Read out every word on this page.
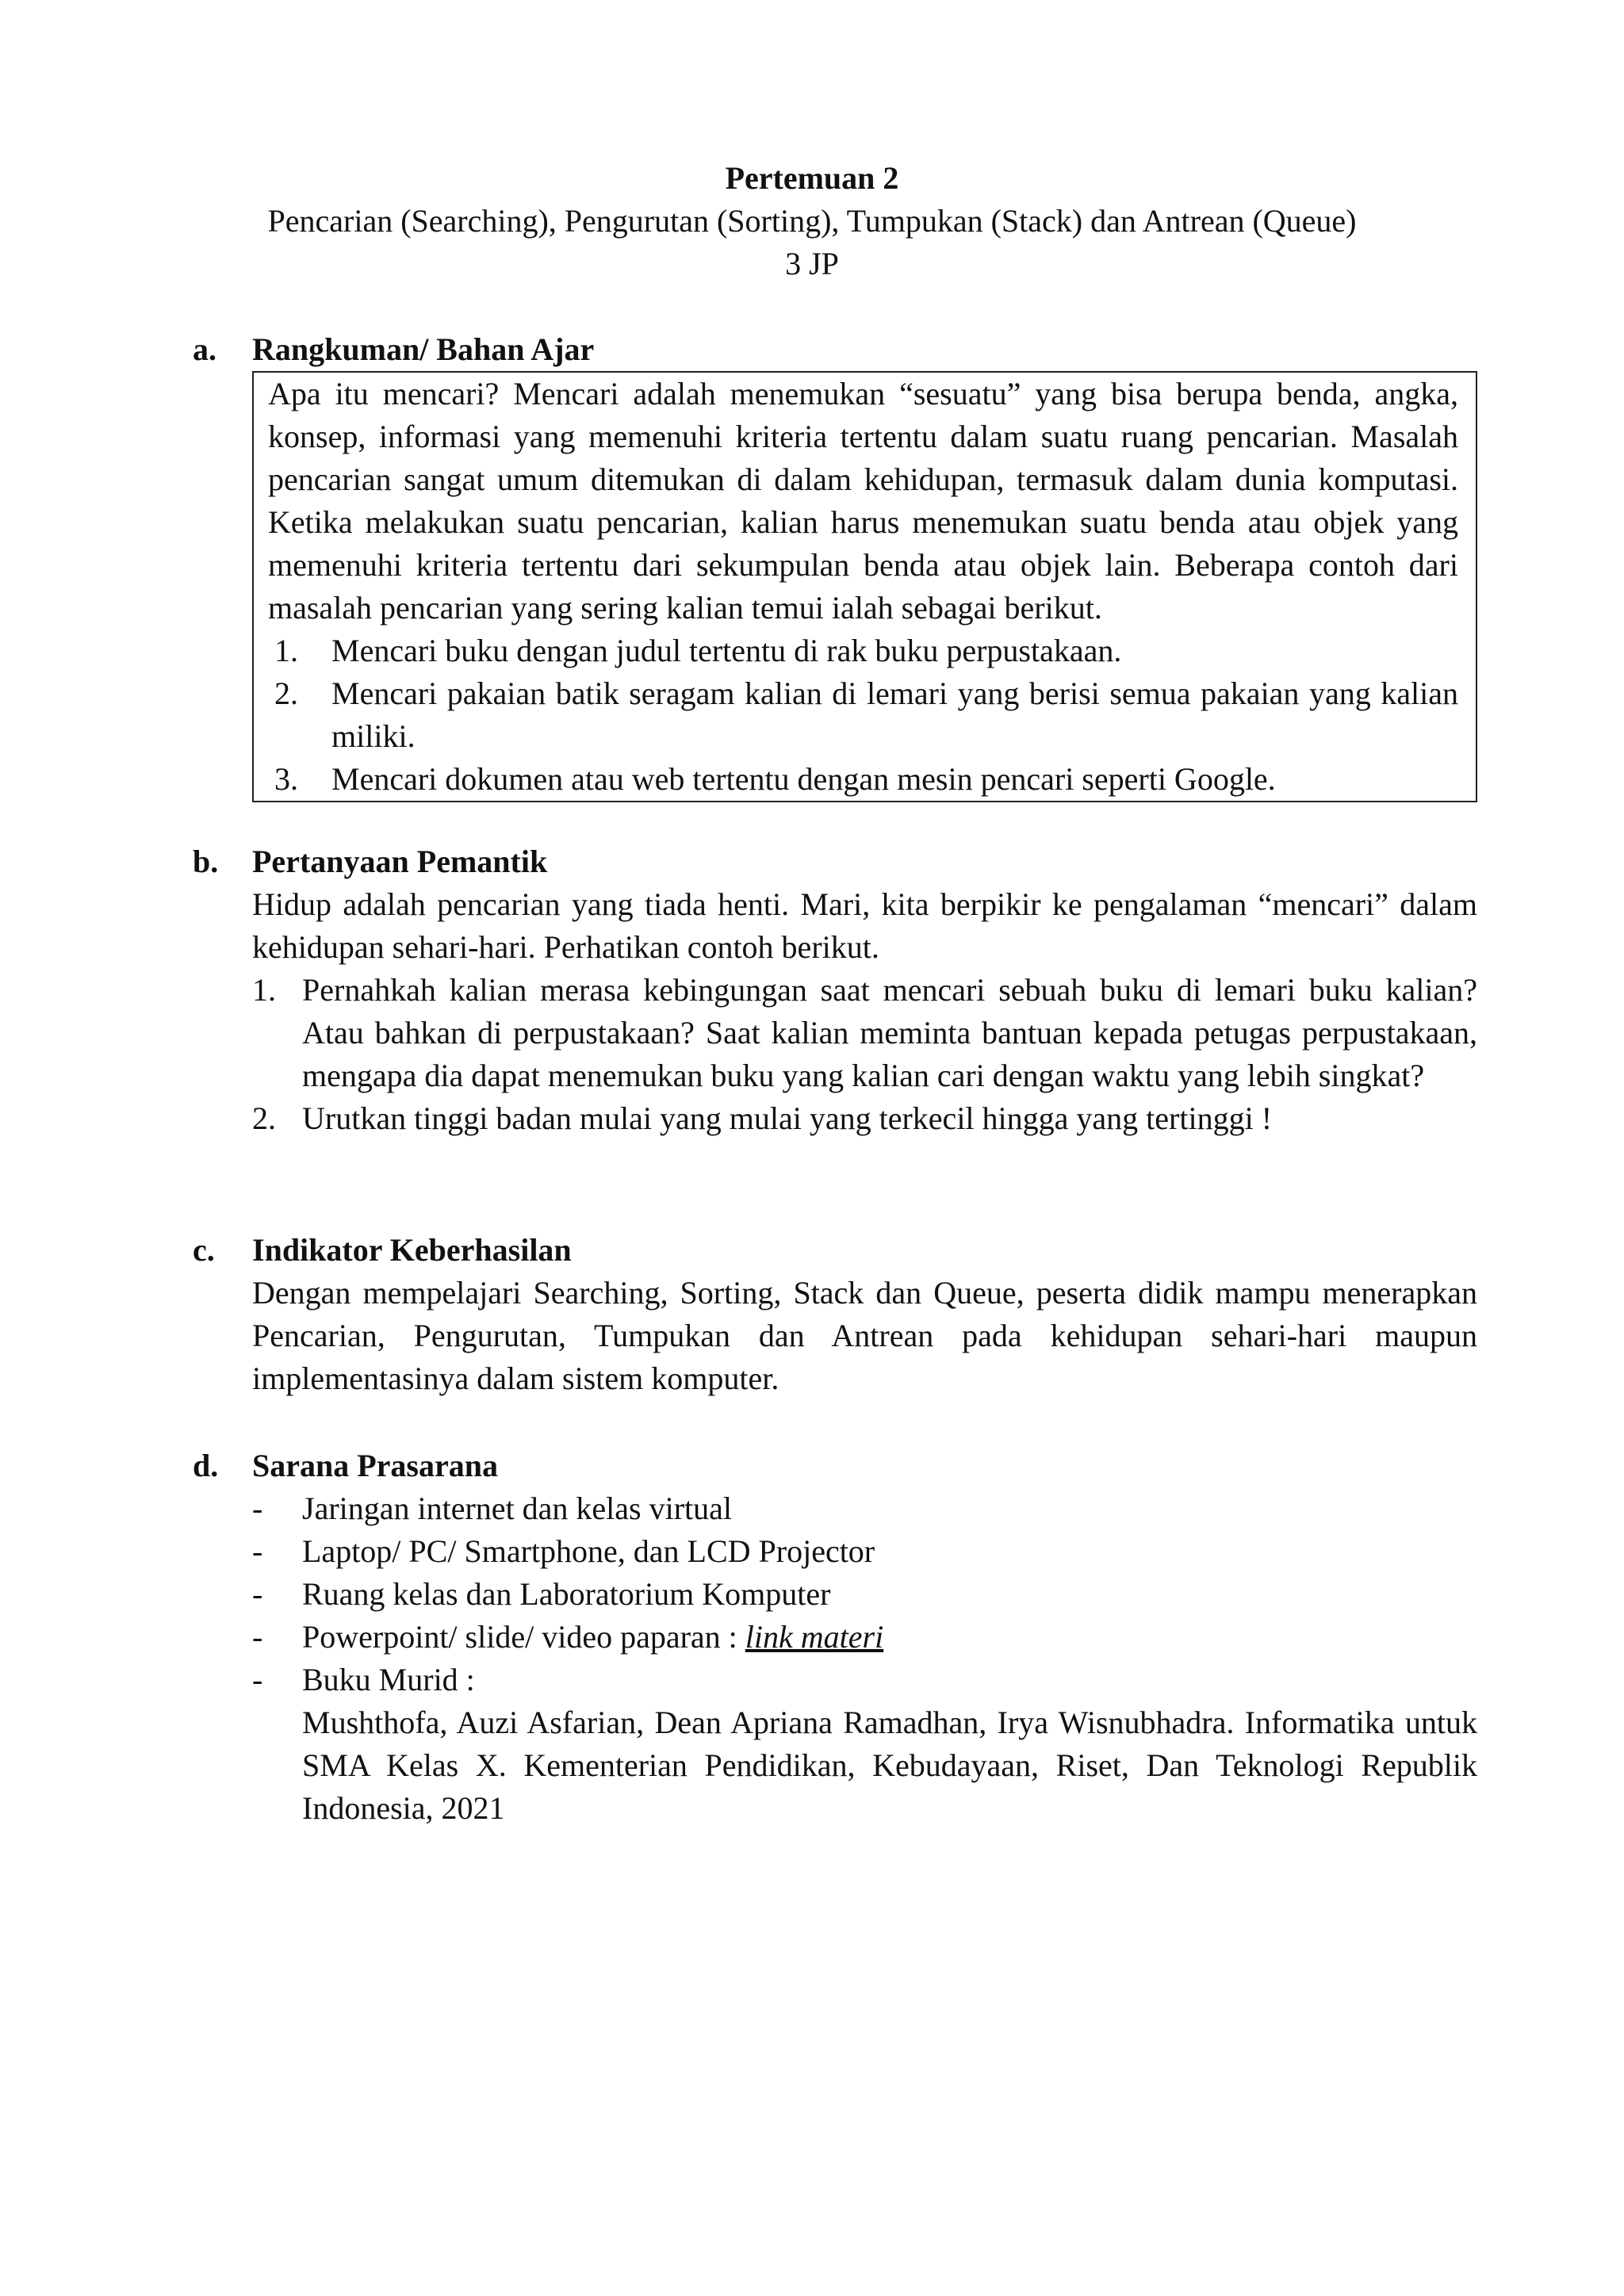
Pertemuan 2
Pencarian (Searching), Pengurutan (Sorting), Tumpukan (Stack) dan Antrean (Queue)
3 JP
a. Rangkuman/ Bahan Ajar
Apa itu mencari? Mencari adalah menemukan “sesuatu” yang bisa berupa benda, angka, konsep, informasi yang memenuhi kriteria tertentu dalam suatu ruang pencarian. Masalah pencarian sangat umum ditemukan di dalam kehidupan, termasuk dalam dunia komputasi. Ketika melakukan suatu pencarian, kalian harus menemukan suatu benda atau objek yang memenuhi kriteria tertentu dari sekumpulan benda atau objek lain. Beberapa contoh dari masalah pencarian yang sering kalian temui ialah sebagai berikut.
1. Mencari buku dengan judul tertentu di rak buku perpustakaan.
2. Mencari pakaian batik seragam kalian di lemari yang berisi semua pakaian yang kalian miliki.
3. Mencari dokumen atau web tertentu dengan mesin pencari seperti Google.
b. Pertanyaan Pemantik
Hidup adalah pencarian yang tiada henti. Mari, kita berpikir ke pengalaman “mencari” dalam kehidupan sehari-hari. Perhatikan contoh berikut.
1. Pernahkah kalian merasa kebingungan saat mencari sebuah buku di lemari buku kalian? Atau bahkan di perpustakaan? Saat kalian meminta bantuan kepada petugas perpustakaan, mengapa dia dapat menemukan buku yang kalian cari dengan waktu yang lebih singkat?
2. Urutkan tinggi badan mulai yang mulai yang terkecil hingga yang tertinggi !
c. Indikator Keberhasilan
Dengan mempelajari Searching, Sorting, Stack dan Queue, peserta didik mampu menerapkan Pencarian, Pengurutan, Tumpukan dan Antrean pada kehidupan sehari-hari maupun implementasinya dalam sistem komputer.
d. Sarana Prasarana
- Jaringan internet dan kelas virtual
- Laptop/ PC/ Smartphone, dan LCD Projector
- Ruang kelas dan Laboratorium Komputer
- Powerpoint/ slide/ video paparan : link materi
- Buku Murid :
Mushthofa, Auzi Asfarian, Dean Apriana Ramadhan, Irya Wisnubhadra. Informatika untuk SMA Kelas X. Kementerian Pendidikan, Kebudayaan, Riset, Dan Teknologi Republik Indonesia, 2021
